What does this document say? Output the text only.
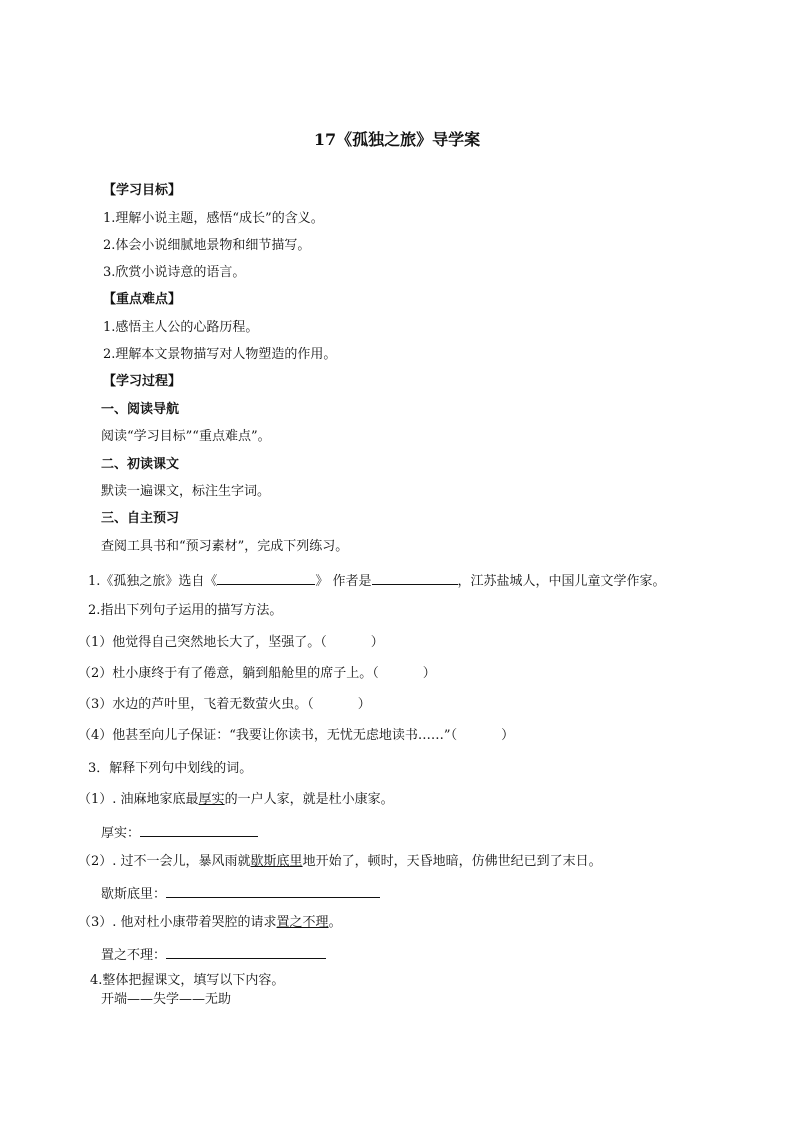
17《孤独之旅》导学案
【学习目标】
1.理解小说主题，感悟“成长”的含义。
2.体会小说细腻地景物和细节描写。
3.欣赏小说诗意的语言。
【重点难点】
1.感悟主人公的心路历程。
2.理解本文景物描写对人物塑造的作用。
【学习过程】
一、阅读导航
阅读“学习目标”“重点难点”。
二、初读课文
默读一遍课文，标注生字词。
三、自主预习
查阅工具书和“预习素材”，完成下列练习。
1.《孤独之旅》选自《	》 作者是	，江苏盐城人，中国儿童文学作家。
2.指出下列句子运用的描写方法。
（1）他觉得自己突然地长大了，坚强了。（	）
（2）杜小康终于有了倦意，躺到船舱里的席子上。（	）
（3）水边的芦叶里，飞着无数萤火虫。（	）
（4）他甚至向儿子保证：“我要让你读书，无忧无虑地读书……”（	）
3．解释下列句中划线的词。
（1）. 油麻地家底最厚实的一户人家，就是杜小康家。
厚实：
（2）. 过不一会儿，暴风雨就歇斯底里地开始了，顿时，天昏地暗，仿佛世纪已到了末日。
歇斯底里：
（3）. 他对杜小康带着哭腔的请求置之不理。
置之不理：
4.整体把握课文，填写以下内容。
开端——失学——无助
